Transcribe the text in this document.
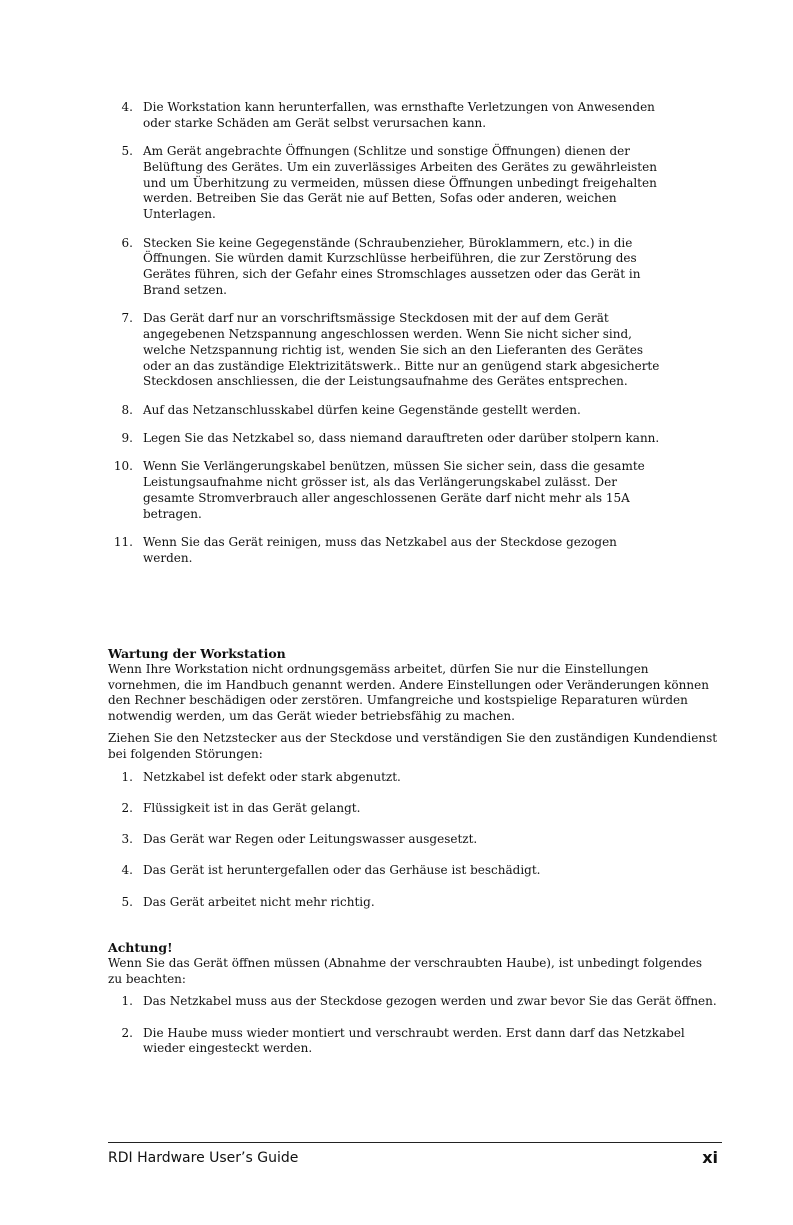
4. Die Workstation kann herunterfallen, was ernsthafte Verletzungen von Anwesenden oder starke Schäden am Gerät selbst verursachen kann.
5. Am Gerät angebrachte Öffnungen (Schlitze und sonstige Öffnungen) dienen der Belüftung des Gerätes. Um ein zuverlässiges Arbeiten des Gerätes zu gewährleisten und um Überhitzung zu vermeiden, müssen diese Öffnungen unbedingt freigehalten werden. Betreiben Sie das Gerät nie auf Betten, Sofas oder anderen, weichen Unterlagen.
6. Stecken Sie keine Gegegenstände (Schraubenzieher, Büroklammern, etc.) in die Öffnungen. Sie würden damit Kurzschlüsse herbeiführen, die zur Zerstörung des Gerätes führen, sich der Gefahr eines Stromschlages aussetzen oder das Gerät in Brand setzen.
7. Das Gerät darf nur an vorschriftsmässige Steckdosen mit der auf dem Gerät angegebenen Netzspannung angeschlossen werden. Wenn Sie nicht sicher sind, welche Netzspannung richtig ist, wenden Sie sich an den Lieferanten des Gerätes oder an das zuständige Elektrizitätswerk.. Bitte nur an genügend stark abgesicherte Steckdosen anschliessen, die der Leistungsaufnahme des Gerätes entsprechen.
8. Auf das Netzanschlusskabel dürfen keine Gegenstände gestellt werden.
9. Legen Sie das Netzkabel so, dass niemand darauftreten oder darüber stolpern kann.
10. Wenn Sie Verlängerungskabel benützen, müssen Sie sicher sein, dass die gesamte Leistungsaufnahme nicht grösser ist, als das Verlängerungskabel zulässt. Der gesamte Stromverbrauch aller angeschlossenen Geräte darf nicht mehr als 15A betragen.
11. Wenn Sie das Gerät reinigen, muss das Netzkabel aus der Steckdose gezogen werden.
Wartung der Workstation

Wenn Ihre Workstation nicht ordnungsgemäss arbeitet, dürfen Sie nur die Einstellungen vornehmen, die im Handbuch genannt werden. Andere Einstellungen oder Veränderungen können den Rechner beschädigen oder zerstören. Umfangreiche und kostspielige Reparaturen würden notwendig werden, um das Gerät wieder betriebsfähig zu machen.

Ziehen Sie den Netzstecker aus der Steckdose und verständigen Sie den zuständigen Kundendienst bei folgenden Störungen:

1. Netzkabel ist defekt oder stark abgenutzt.
2. Flüssigkeit ist in das Gerät gelangt.
3. Das Gerät war Regen oder Leitungswasser ausgesetzt.
4. Das Gerät ist heruntergefallen oder das Gerhäuse ist beschädigt.
5. Das Gerät arbeitet nicht mehr richtig.
Achtung!

Wenn Sie das Gerät öffnen müssen (Abnahme der verschraubten Haube), ist unbedingt folgendes zu beachten:

1. Das Netzkabel muss aus der Steckdose gezogen werden und zwar bevor Sie das Gerät öffnen.
2. Die Haube muss wieder montiert und verschraubt werden. Erst dann darf das Netzkabel wieder eingesteckt werden.
RDI Hardware User’s Guide	xi
